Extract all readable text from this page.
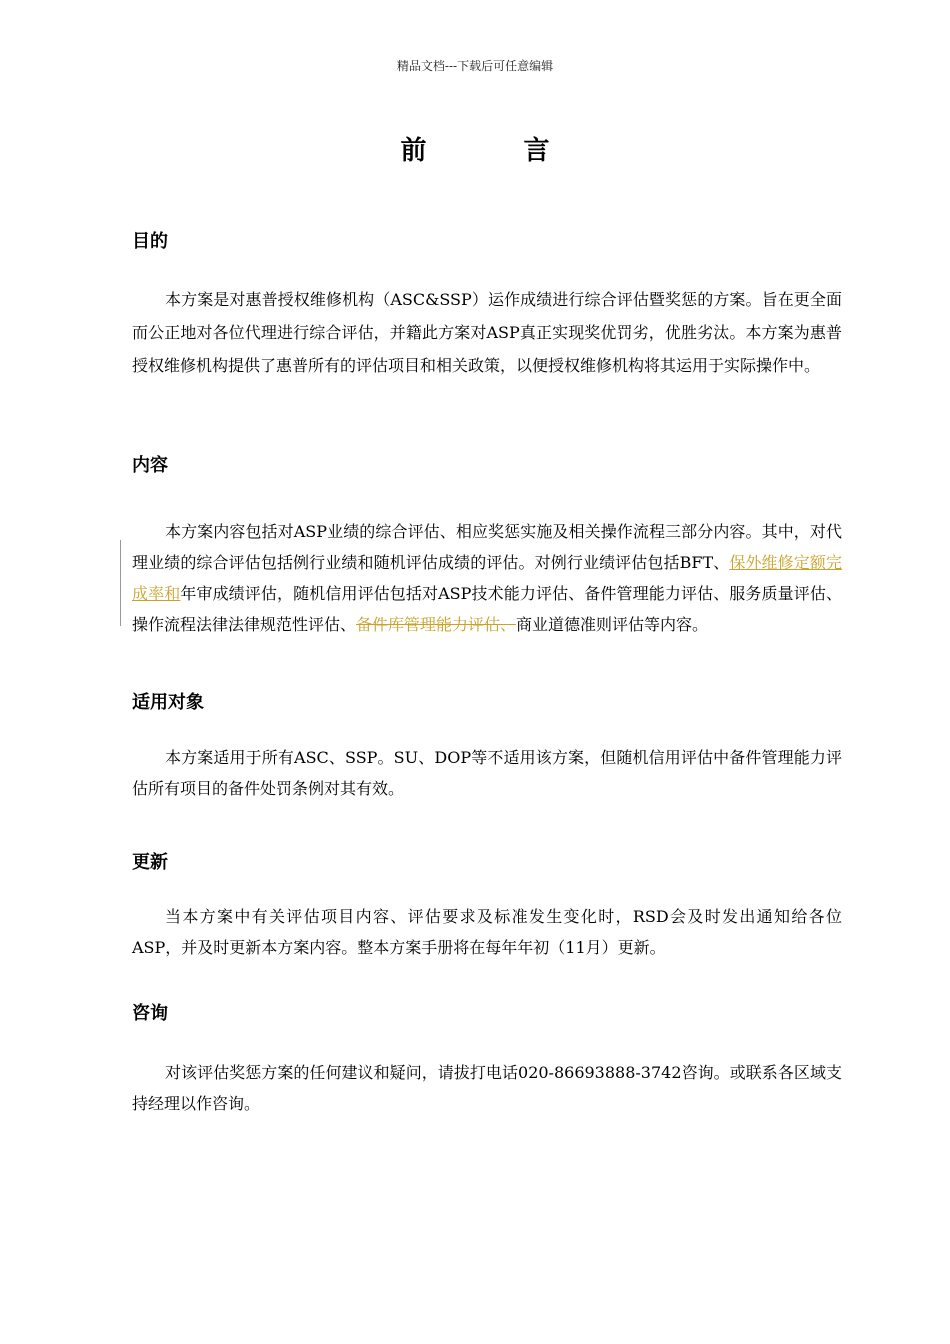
精品文档---下载后可任意编辑
前 言
目的
本方案是对惠普授权维修机构（ASC&SSP）运作成绩进行综合评估暨奖惩的方案。旨在更全面而公正地对各位代理进行综合评估，并籍此方案对ASP真正实现奖优罚劣，优胜劣汰。本方案为惠普授权维修机构提供了惠普所有的评估项目和相关政策，以便授权维修机构将其运用于实际操作中。
内容
本方案内容包括对ASP业绩的综合评估、相应奖惩实施及相关操作流程三部分内容。其中，对代理业绩的综合评估包括例行业绩和随机评估成绩的评估。对例行业绩评估包括BFT、保外维修定额完成率和年审成绩评估，随机信用评估包括对ASP技术能力评估、备件管理能力评估、服务质量评估、操作流程法律法律规范性评估、备件库管理能力评估、商业道德准则评估等内容。
适用对象
本方案适用于所有ASC、SSP。SU、DOP等不适用该方案，但随机信用评估中备件管理能力评估所有项目的备件处罚条例对其有效。
更新
当本方案中有关评估项目内容、评估要求及标准发生变化时，RSD会及时发出通知给各位ASP，并及时更新本方案内容。整本方案手册将在每年年初（11月）更新。
咨询
对该评估奖惩方案的任何建议和疑问，请拔打电话020-86693888-3742咨询。或联系各区域支持经理以作咨询。
